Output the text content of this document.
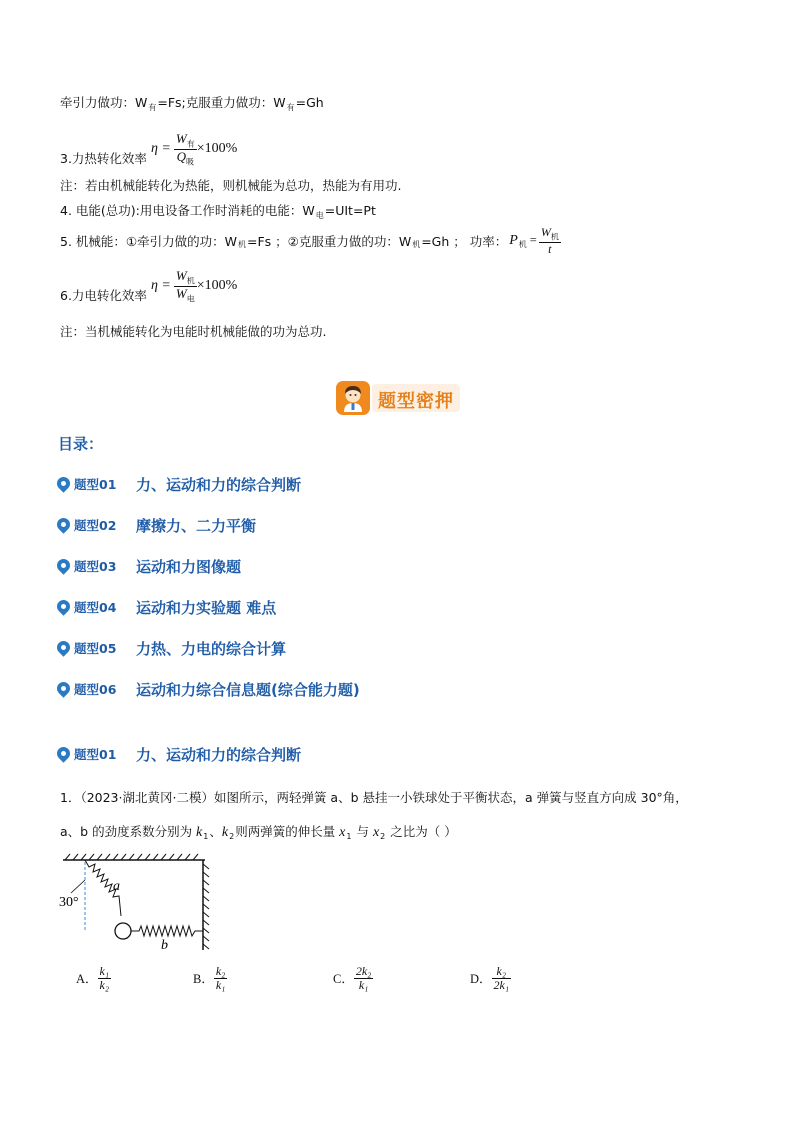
牵引力做功：$W_有=Fs$;克服重力做功：$W_有=Gh$
3.力热转化效率
$\eta = \frac{W_有}{Q_吸} \times 100\%$
注：若由机械能转化为热能，则机械能为总功，热能为有用功.
4. 电能(总功):用电设备工作时消耗的电能：$W_电=UIt=Pt$
5. 机械能：①牵引力做的功：$W_机 =Fs$ ；②克服重力做的功：$W_机 =Gh$ ； 功率： $P_机 = \frac{W_机}{t}$
6.力电转化效率
$\eta = \frac{W_机}{W_电} \times 100\%$
注：当机械能转化为电能时机械能做的功为总功.
题型密押
目录：
题型01	力、运动和力的综合判断
题型02	摩擦力、二力平衡
题型03	运动和力图像题
题型04	运动和力实验题 难点
题型05	力热、力电的综合计算
题型06	运动和力综合信息题(综合能力题)
题型01	力、运动和力的综合判断
1．（2023·湖北黄冈·二模）如图所示，两轻弹簧 a、b 悬挂一小铁球处于平衡状态，a 弹簧与竖直方向成 30°角，
a、b 的劲度系数分别为 $k_1$、$k_2$则两弹簧的伸长量 $x_1$ 与 $x_2$ 之比为（ ）
30°
a
b
A． $\frac{\text{k₁}}{\text{k₂}}$	B． $\frac{\text{k₂}}{\text{k₁}}$	C． $\frac{\text{2k₂}}{\text{k₁}}$	D． $\frac{\text{k₂}}{\text{2k₁}}$
